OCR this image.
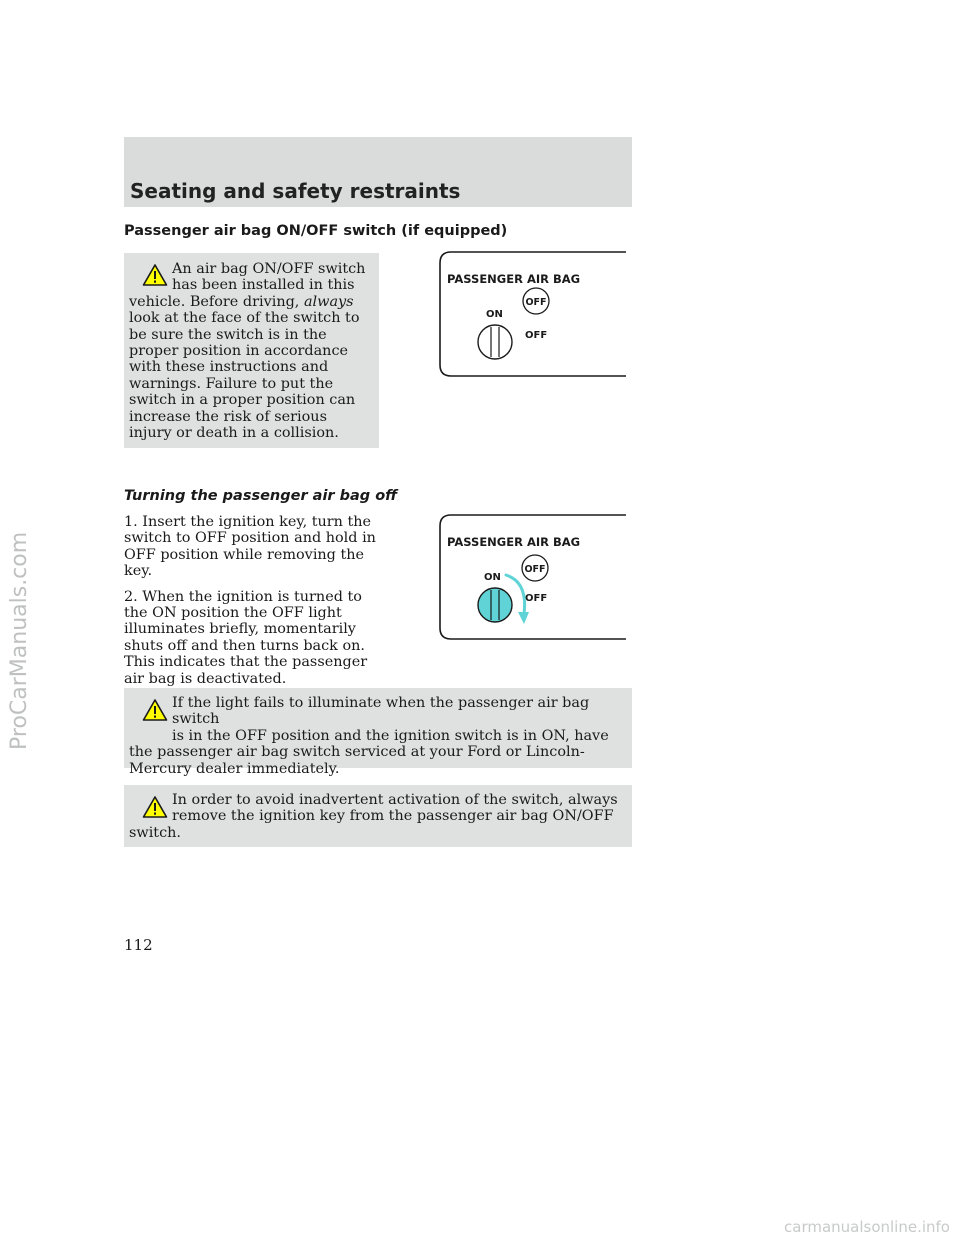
Seating and safety restraints
Passenger air bag ON/OFF switch (if equipped)

An air bag ON/OFF switch

has been installed in this

vehicle. Before driving, always look at the face of the switch to be sure the switch is in the proper position in accordance with these instructions and warnings. Failure to put the switch in a proper position can increase the risk of serious injury or death in a collision.

PASSENGER AIR BAG
ON
OFF
OFF
Turning the passenger air bag off

1. Insert the ignition key, turn the switch to OFF position and hold in OFF position while removing the key.

2. When the ignition is turned to the ON position the OFF light illuminates briefly, momentarily shuts off and then turns back on. This indicates that the passenger air bag is deactivated.

PASSENGER AIR BAG
ON
OFF
OFF

If the light fails to illuminate when the passenger air bag switch

is in the OFF position and the ignition switch is in ON, have the passenger air bag switch serviced at your Ford or Lincoln-Mercury dealer immediately.

In order to avoid inadvertent activation of the switch, always

remove the ignition key from the passenger air bag ON/OFF switch.

112
ProCarManuals.com
carmanualsonline.info
